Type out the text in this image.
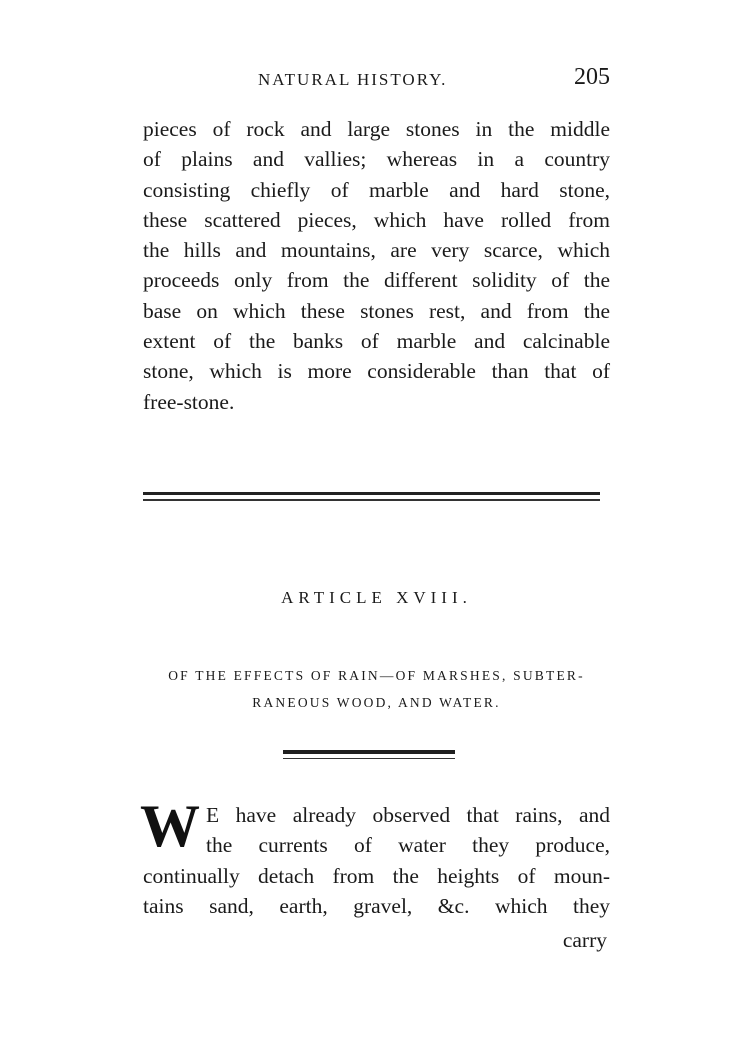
NATURAL HISTORY.	205
pieces of rock and large stones in the middle
of plains and vallies; whereas in a country
consisting chiefly of marble and hard stone,
these scattered pieces, which have rolled from
the hills and mountains, are very scarce, which
proceeds only from the different solidity of the
base on which these stones rest, and from the
extent of the banks of marble and calcinable
stone, which is more considerable than that of
free-stone.
ARTICLE XVIII.
OF THE EFFECTS OF RAIN—OF MARSHES, SUBTER-
RANEOUS WOOD, AND WATER.
W E have already observed that rains, and
the currents of water they produce,
continually detach from the heights of moun-
tains sand, earth, gravel, &c. which they
carry
